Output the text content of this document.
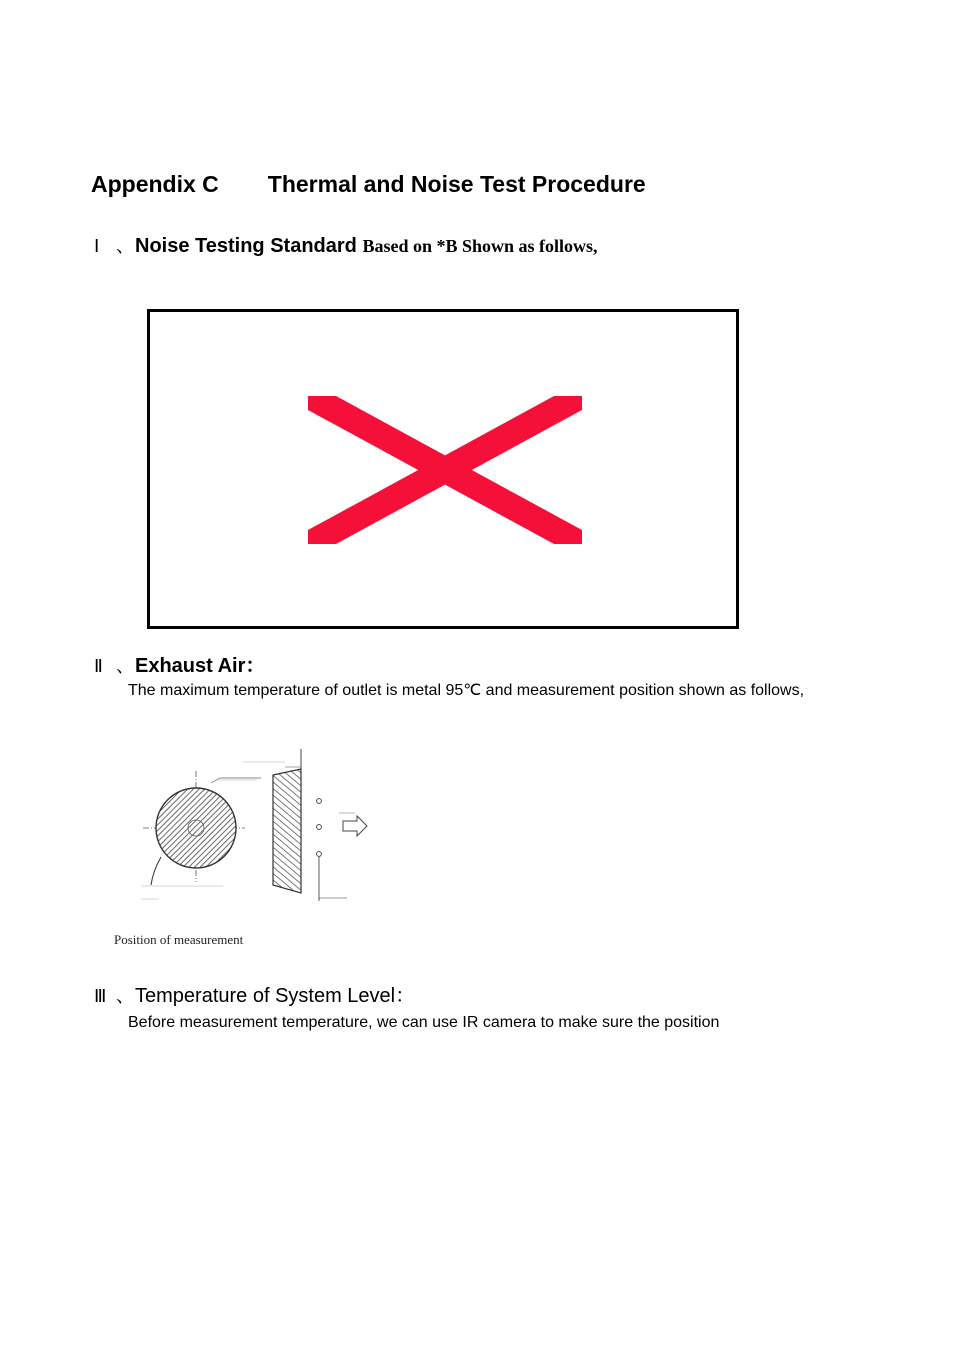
Appendix C Thermal and Noise Test Procedure
Ⅰ 、Noise Testing Standard Based on *B Shown as follows,
Ⅱ 、Exhaust Air：
The maximum temperature of outlet is metal 95℃ and measurement position shown as follows,
Position of measurement
Ⅲ 、Temperature of System Level：
Before measurement temperature, we can use IR camera to make sure the position
